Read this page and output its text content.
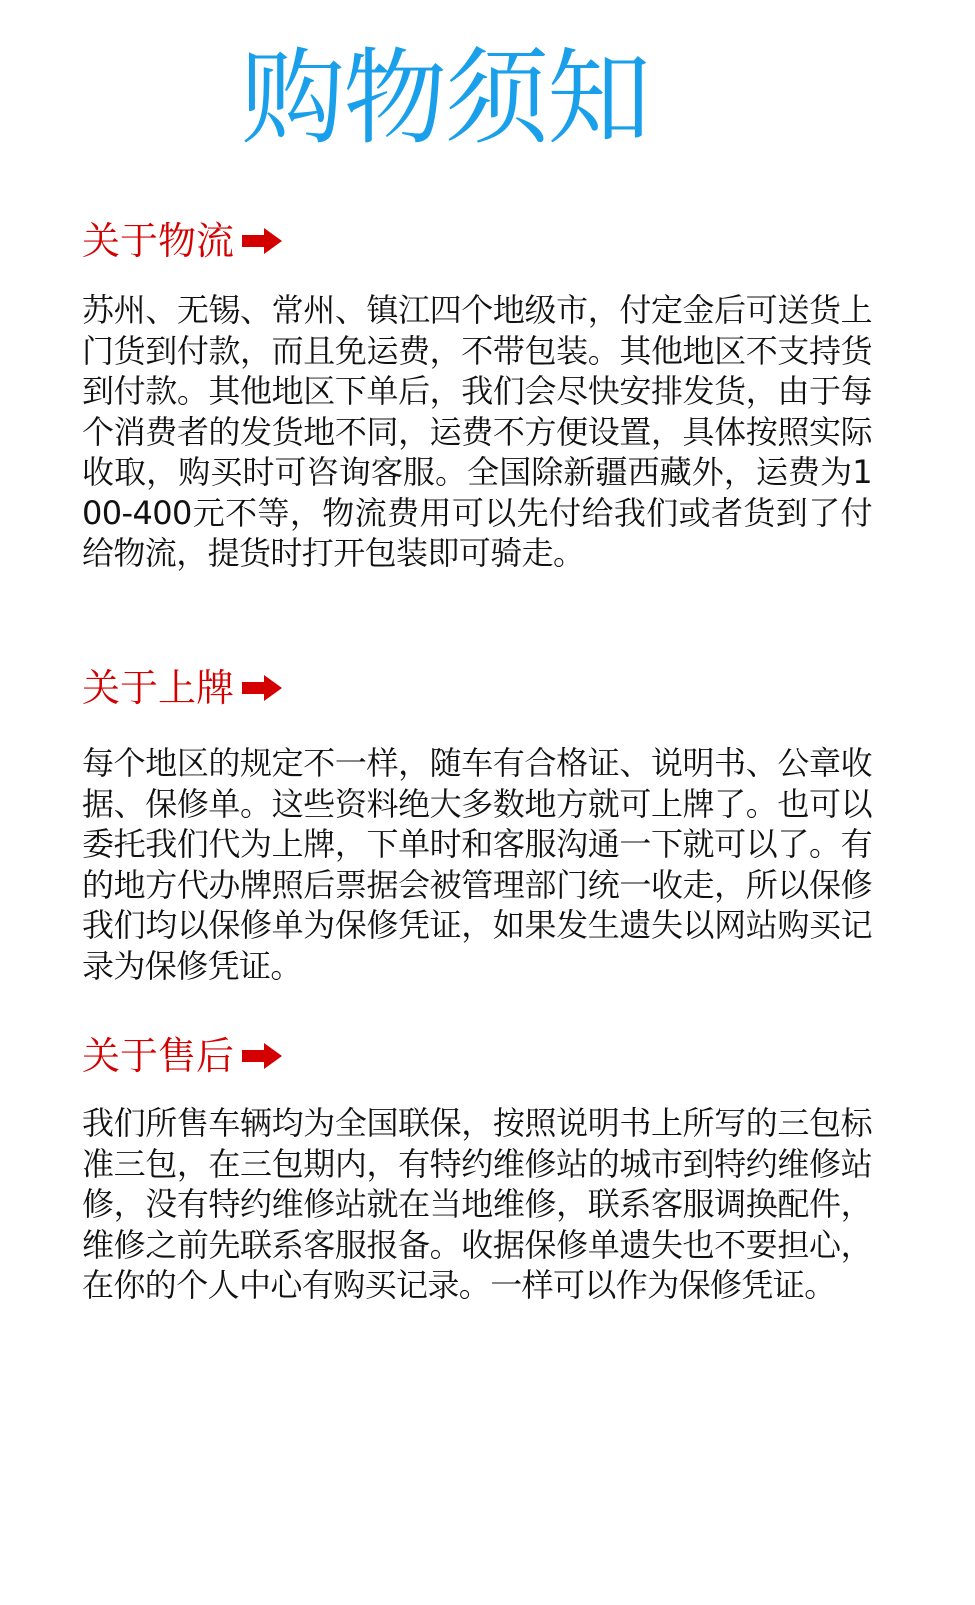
购物须知
关于物流

苏州、无锡、常州、镇江四个地级市，付定金后可送货上门货到付款，而且免运费，不带包装。其他地区不支持货到付款。其他地区下单后，我们会尽快安排发货，由于每个消费者的发货地不同，运费不方便设置，具体按照实际收取，购买时可咨询客服。全国除新疆西藏外，运费为100-400元不等，物流费用可以先付给我们或者货到了付给物流，提货时打开包装即可骑走。

关于上牌

每个地区的规定不一样，随车有合格证、说明书、公章收据、保修单。这些资料绝大多数地方就可上牌了。也可以委托我们代为上牌，下单时和客服沟通一下就可以了。有的地方代办牌照后票据会被管理部门统一收走，所以保修我们均以保修单为保修凭证，如果发生遗失以网站购买记录为保修凭证。

关于售后

我们所售车辆均为全国联保，按照说明书上所写的三包标准三包，在三包期内，有特约维修站的城市到特约维修站修，没有特约维修站就在当地维修，联系客服调换配件，维修之前先联系客服报备。收据保修单遗失也不要担心，在你的个人中心有购买记录。一样可以作为保修凭证。
